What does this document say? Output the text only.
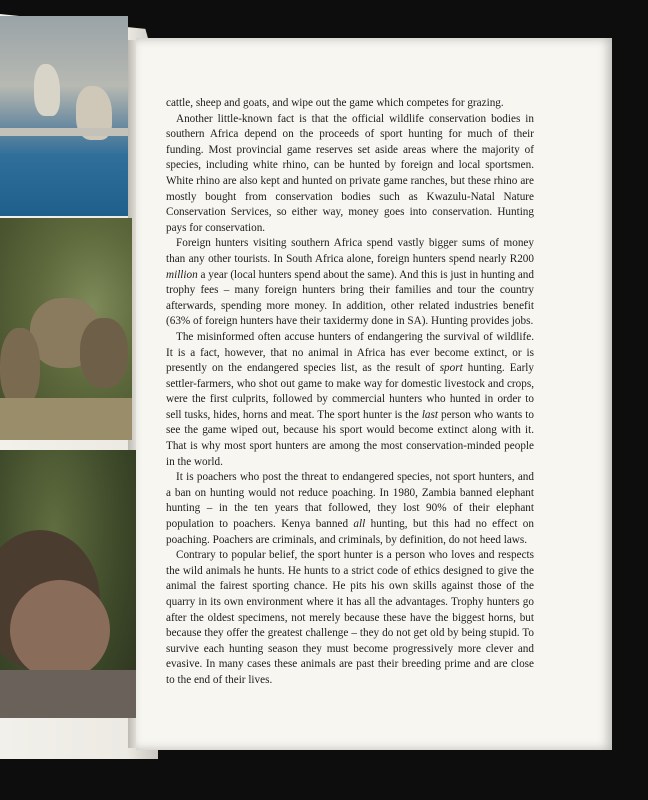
cattle, sheep and goats, and wipe out the game which competes for grazing.

Another little-known fact is that the official wildlife conservation bodies in southern Africa depend on the proceeds of sport hunting for much of their funding. Most provincial game reserves set aside areas where the majority of species, including white rhino, can be hunted by foreign and local sportsmen. White rhino are also kept and hunted on private game ranches, but these rhino are mostly bought from conservation bodies such as Kwazulu-Natal Nature Conservation Services, so either way, money goes into conservation. Hunting pays for conservation.

Foreign hunters visiting southern Africa spend vastly bigger sums of money than any other tourists. In South Africa alone, foreign hunters spend nearly R200 million a year (local hunters spend about the same). And this is just in hunting and trophy fees – many foreign hunters bring their families and tour the country afterwards, spending more money. In addition, other related industries benefit (63% of foreign hunters have their taxidermy done in SA). Hunting provides jobs.

The misinformed often accuse hunters of endangering the survival of wildlife. It is a fact, however, that no animal in Africa has ever become extinct, or is presently on the endangered species list, as the result of sport hunting. Early settler-farmers, who shot out game to make way for domestic livestock and crops, were the first culprits, followed by commercial hunters who hunted in order to sell tusks, hides, horns and meat. The sport hunter is the last person who wants to see the game wiped out, because his sport would become extinct along with it. That is why most sport hunters are among the most conservation-minded people in the world.

It is poachers who post the threat to endangered species, not sport hunters, and a ban on hunting would not reduce poaching. In 1980, Zambia banned elephant hunting – in the ten years that followed, they lost 90% of their elephant population to poachers. Kenya banned all hunting, but this had no effect on poaching. Poachers are criminals, and criminals, by definition, do not heed laws.

Contrary to popular belief, the sport hunter is a person who loves and respects the wild animals he hunts. He hunts to a strict code of ethics designed to give the animal the fairest sporting chance. He pits his own skills against those of the quarry in its own environment where it has all the advantages. Trophy hunters go after the oldest specimens, not merely because these have the biggest horns, but because they offer the greatest challenge – they do not get old by being stupid. To survive each hunting season they must become progressively more clever and evasive. In many cases these animals are past their breeding prime and are close to the end of their lives.
